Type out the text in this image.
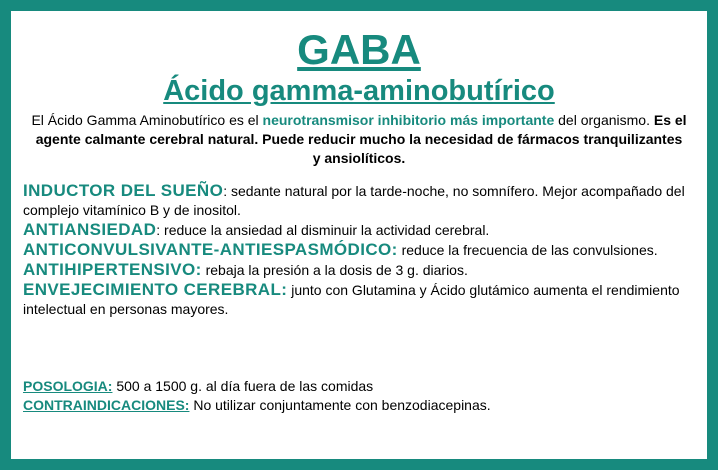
GABA
Ácido gamma-aminobutírico

El Ácido Gamma Aminobutírico es el neurotransmisor inhibitorio más importante del organismo. Es el agente calmante cerebral natural. Puede reducir mucho la necesidad de fármacos tranquilizantes y ansiolíticos.

INDUCTOR DEL SUEÑO: sedante natural por la tarde-noche, no somnífero. Mejor acompañado del complejo vitamínico B y de inositol.

ANTIANSIEDAD: reduce la ansiedad al disminuir la actividad cerebral.

ANTICONVULSIVANTE-ANTIESPASMÓDICO: reduce la frecuencia de las convulsiones.

ANTIHIPERTENSIVO: rebaja la presión a la dosis de 3 g. diarios.

ENVEJECIMIENTO CEREBRAL: junto con Glutamina y Ácido glutámico aumenta el rendimiento intelectual en personas mayores.

POSOLOGIA: 500 a 1500 g. al día fuera de las comidas

CONTRAINDICACIONES: No utilizar conjuntamente con benzodiacepinas.
